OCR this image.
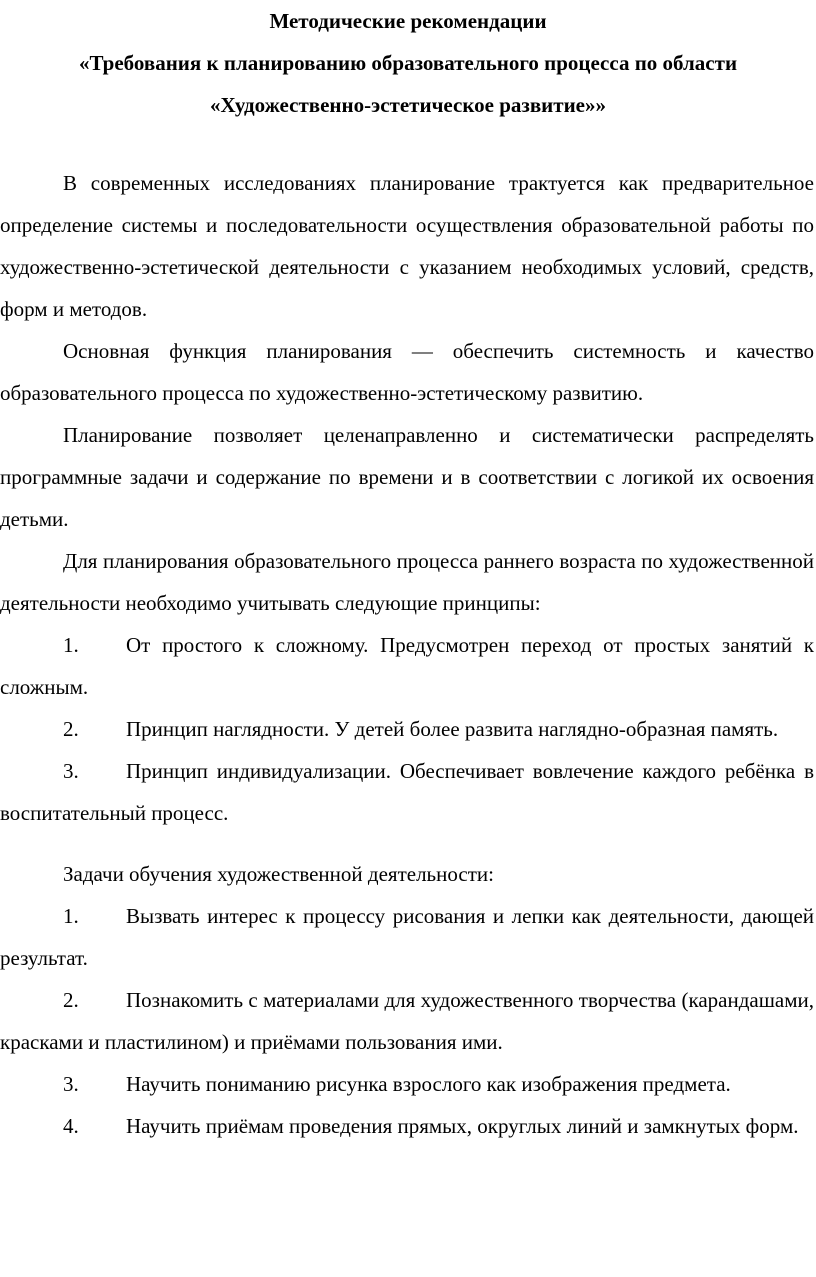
Методические рекомендации
«Требования к планированию образовательного процесса по области
«Художественно-эстетическое развитие»»

В современных исследованиях планирование трактуется как предварительное определение системы и последовательности осуществления образовательной работы по художественно-эстетической деятельности с указанием необходимых условий, средств, форм и методов.

Основная функция планирования — обеспечить системность и качество образовательного процесса по художественно-эстетическому развитию.

Планирование позволяет целенаправленно и систематически распределять программные задачи и содержание по времени и в соответствии с логикой их освоения детьми.

Для планирования образовательного процесса раннего возраста по художественной деятельности необходимо учитывать следующие принципы:

1. От простого к сложному. Предусмотрен переход от простых занятий к сложным.

2. Принцип наглядности. У детей более развита наглядно-образная память.

3. Принцип индивидуализации. Обеспечивает вовлечение каждого ребёнка в воспитательный процесс.

Задачи обучения художественной деятельности:

1. Вызвать интерес к процессу рисования и лепки как деятельности, дающей результат.

2. Познакомить с материалами для художественного творчества (карандашами, красками и пластилином) и приёмами пользования ими.

3. Научить пониманию рисунка взрослого как изображения предмета.

4. Научить приёмам проведения прямых, округлых линий и замкнутых форм.
